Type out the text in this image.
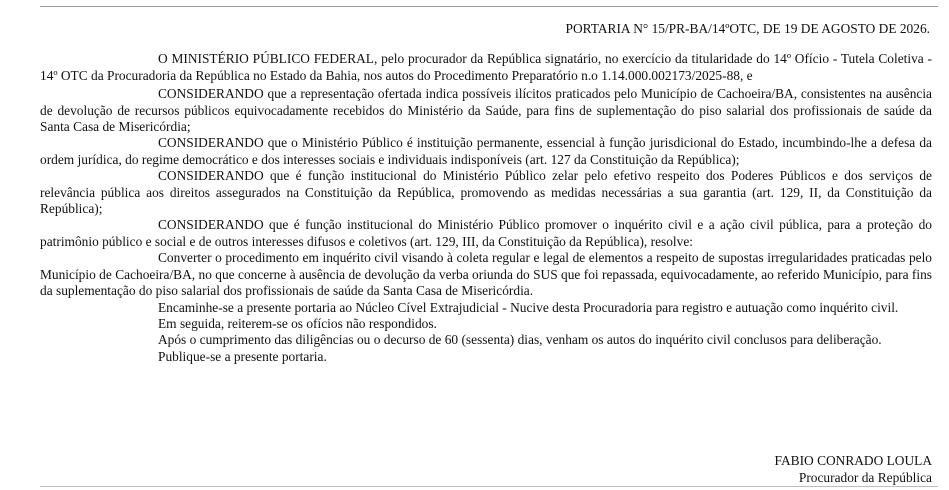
PORTARIA N° 15/PR-BA/14ºOTC, DE 19 DE AGOSTO DE 2026.

O MINISTÉRIO PÚBLICO FEDERAL, pelo procurador da República signatário, no exercício da titularidade do 14º Ofício - Tutela Coletiva - 14º OTC da Procuradoria da República no Estado da Bahia, nos autos do Procedimento Preparatório n.o 1.14.000.002173/2025-88, e

CONSIDERANDO que a representação ofertada indica possíveis ilícitos praticados pelo Município de Cachoeira/BA, consistentes na ausência de devolução de recursos públicos equivocadamente recebidos do Ministério da Saúde, para fins de suplementação do piso salarial dos profissionais de saúde da Santa Casa de Misericórdia;

CONSIDERANDO que o Ministério Público é instituição permanente, essencial à função jurisdicional do Estado, incumbindo-lhe a defesa da ordem jurídica, do regime democrático e dos interesses sociais e individuais indisponíveis (art. 127 da Constituição da República);

CONSIDERANDO que é função institucional do Ministério Público zelar pelo efetivo respeito dos Poderes Públicos e dos serviços de relevância pública aos direitos assegurados na Constituição da República, promovendo as medidas necessárias a sua garantia (art. 129, II, da Constituição da República);

CONSIDERANDO que é função institucional do Ministério Público promover o inquérito civil e a ação civil pública, para a proteção do patrimônio público e social e de outros interesses difusos e coletivos (art. 129, III, da Constituição da República), resolve:

Converter o procedimento em inquérito civil visando à coleta regular e legal de elementos a respeito de supostas irregularidades praticadas pelo Município de Cachoeira/BA, no que concerne à ausência de devolução da verba oriunda do SUS que foi repassada, equivocadamente, ao referido Município, para fins da suplementação do piso salarial dos profissionais de saúde da Santa Casa de Misericórdia.

Encaminhe-se a presente portaria ao Núcleo Cível Extrajudicial - Nucive desta Procuradoria para registro e autuação como inquérito civil.

Em seguida, reiterem-se os ofícios não respondidos.

Após o cumprimento das diligências ou o decurso de 60 (sessenta) dias, venham os autos do inquérito civil conclusos para deliberação.

Publique-se a presente portaria.

FABIO CONRADO LOULA
Procurador da República
